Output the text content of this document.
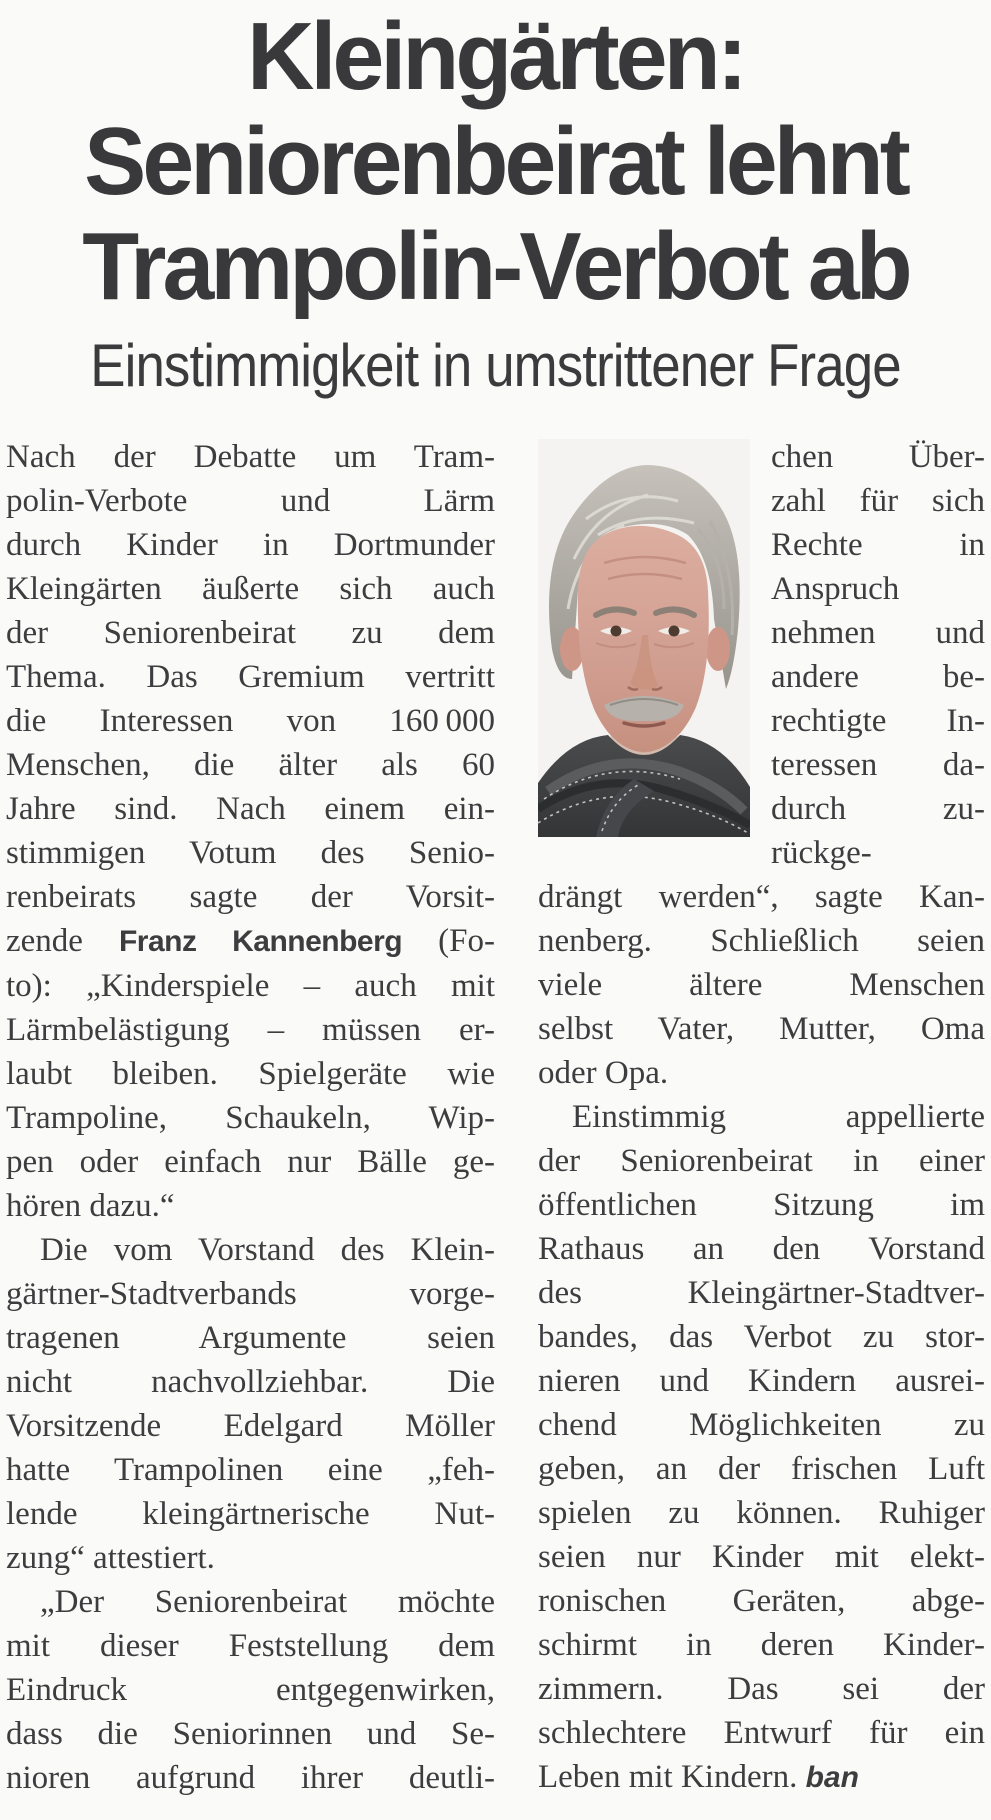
Kleingärten:
Seniorenbeirat lehnt
Trampolin-Verbot ab
Einstimmigkeit in umstrittener Frage
Nach der Debatte um Tram-
polin-Verbote und Lärm
durch Kinder in Dortmunder
Kleingärten äußerte sich auch
der Seniorenbeirat zu dem
Thema. Das Gremium vertritt
die Interessen von 160 000
Menschen, die älter als 60
Jahre sind. Nach einem ein-
stimmigen Votum des Senio-
renbeirats sagte der Vorsit-
zende Franz Kannenberg (Fo-
to): „Kinderspiele – auch mit
Lärmbelästigung – müssen er-
laubt bleiben. Spielgeräte wie
Trampoline, Schaukeln, Wip-
pen oder einfach nur Bälle ge-
hören dazu.“
Die vom Vorstand des Klein-
gärtner-Stadtverbands vorge-
tragenen Argumente seien
nicht nachvollziehbar. Die
Vorsitzende Edelgard Möller
hatte Trampolinen eine „feh-
lende kleingärtnerische Nut-
zung“ attestiert.
„Der Seniorenbeirat möchte
mit dieser Feststellung dem
Eindruck entgegenwirken,
dass die Seniorinnen und Se-
nioren aufgrund ihrer deutli-
chen Über-
zahl für sich
Rechte in
Anspruch
nehmen und
andere be-
rechtigte In-
teressen da-
durch zu-
rückge-
drängt werden“, sagte Kan-
nenberg. Schließlich seien
viele ältere Menschen
selbst Vater, Mutter, Oma
oder Opa.
Einstimmig appellierte
der Seniorenbeirat in einer
öffentlichen Sitzung im
Rathaus an den Vorstand
des Kleingärtner-Stadtver-
bandes, das Verbot zu stor-
nieren und Kindern ausrei-
chend Möglichkeiten zu
geben, an der frischen Luft
spielen zu können. Ruhiger
seien nur Kinder mit elekt-
ronischen Geräten, abge-
schirmt in deren Kinder-
zimmern. Das sei der
schlechtere Entwurf für ein
Leben mit Kindern. ban
